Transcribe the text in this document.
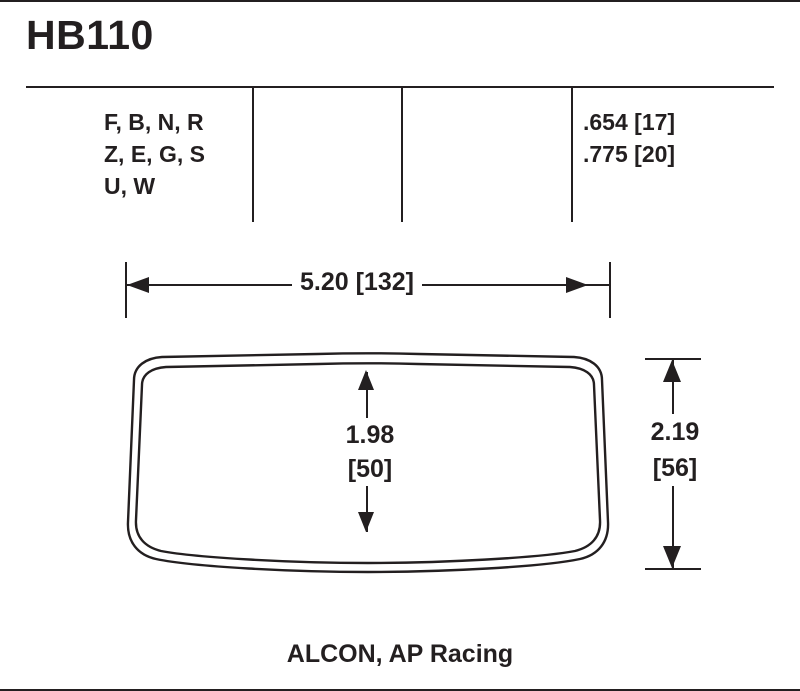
HB110
F, B, N, R
Z, E, G, S
U, W
.654 [17]
.775 [20]
5.20 [132]
1.98
[50]
2.19
[56]
ALCON, AP Racing
